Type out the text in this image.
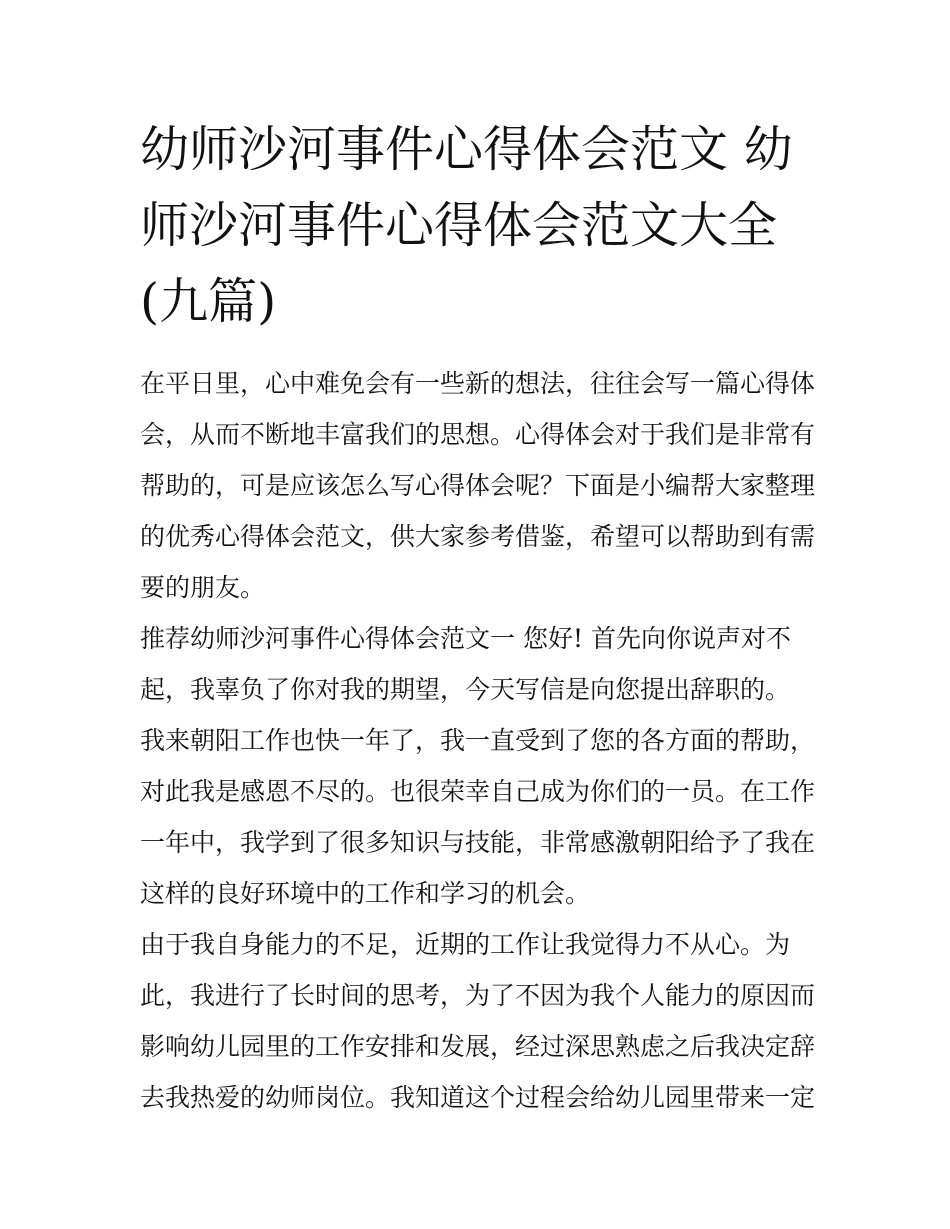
幼师沙河事件心得体会范文 幼师沙河事件心得体会范文大全(九篇)

在平日里，心中难免会有一些新的想法，往往会写一篇心得体会，从而不断地丰富我们的思想。心得体会对于我们是非常有帮助的，可是应该怎么写心得体会呢？下面是小编帮大家整理的优秀心得体会范文，供大家参考借鉴，希望可以帮助到有需要的朋友。

推荐幼师沙河事件心得体会范文一 您好! 首先向你说声对不起，我辜负了你对我的期望，今天写信是向您提出辞职的。

我来朝阳工作也快一年了，我一直受到了您的各方面的帮助，对此我是感恩不尽的。也很荣幸自己成为你们的一员。在工作一年中，我学到了很多知识与技能，非常感激朝阳给予了我在这样的良好环境中的工作和学习的机会。

由于我自身能力的不足，近期的工作让我觉得力不从心。为此，我进行了长时间的思考，为了不因为我个人能力的原因而影响幼儿园里的工作安排和发展，经过深思熟虑之后我决定辞去我热爱的幼师岗位。我知道这个过程会给幼儿园里带来一定
